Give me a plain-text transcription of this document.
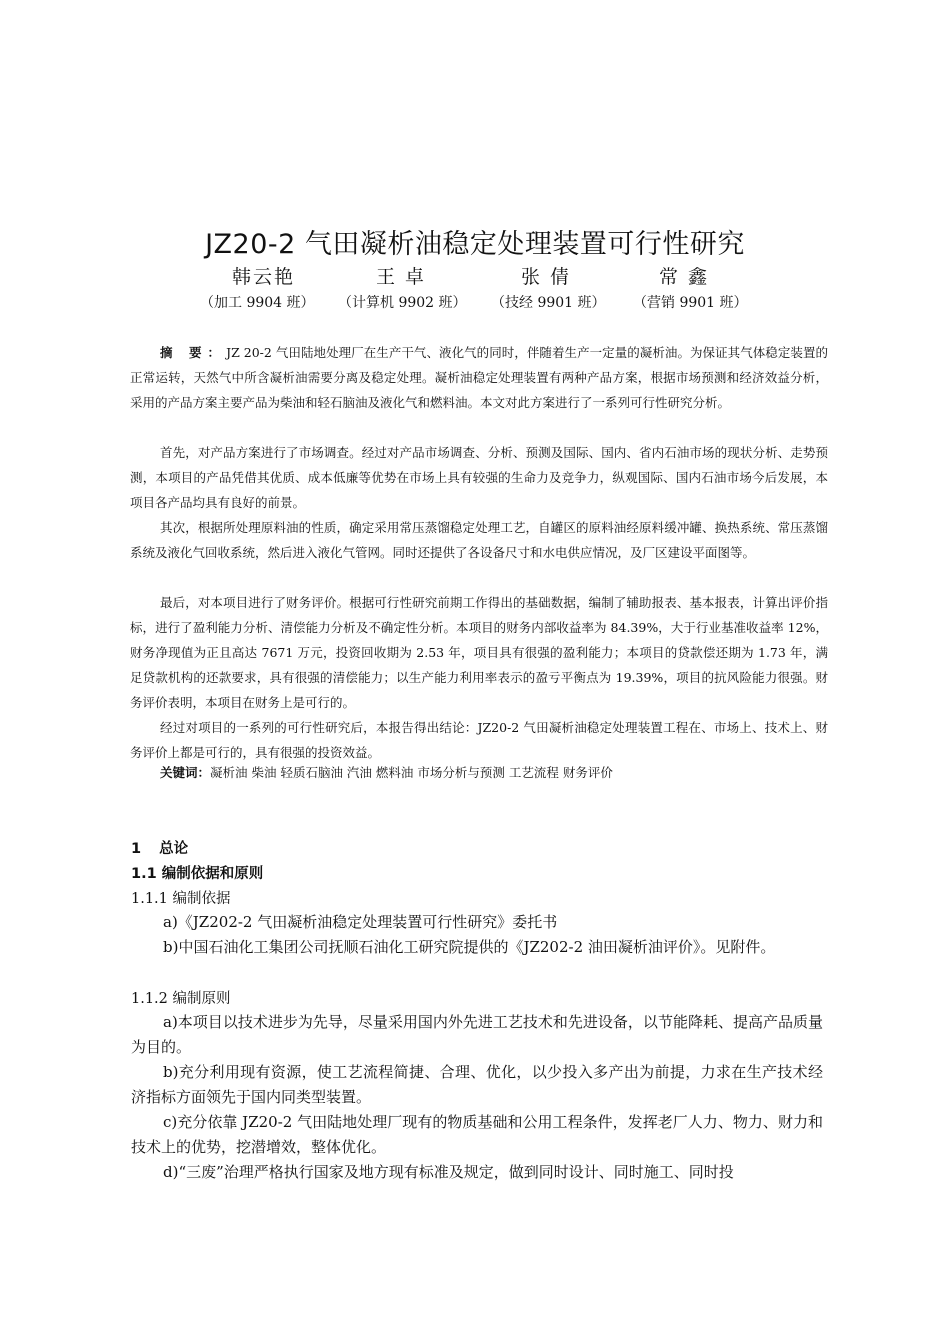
JZ20-2 气田凝析油稳定处理装置可行性研究
韩云艳	王 卓	张 倩	常 鑫
（加工 9904 班） （计算机 9902 班） （技经 9901 班） （营销 9901 班）
摘 要：JZ 20-2 气田陆地处理厂在生产干气、液化气的同时，伴随着生产一定量的凝析油。为保证其气体稳定装置的正常运转，天然气中所含凝析油需要分离及稳定处理。凝析油稳定处理装置有两种产品方案，根据市场预测和经济效益分析，采用的产品方案主要产品为柴油和轻石脑油及液化气和燃料油。本文对此方案进行了一系列可行性研究分析。
首先，对产品方案进行了市场调查。经过对产品市场调查、分析、预测及国际、国内、省内石油市场的现状分析、走势预测，本项目的产品凭借其优质、成本低廉等优势在市场上具有较强的生命力及竞争力，纵观国际、国内石油市场今后发展，本项目各产品均具有良好的前景。
其次，根据所处理原料油的性质，确定采用常压蒸馏稳定处理工艺，自罐区的原料油经原料缓冲罐、换热系统、常压蒸馏系统及液化气回收系统，然后进入液化气管网。同时还提供了各设备尺寸和水电供应情况，及厂区建设平面图等。
最后，对本项目进行了财务评价。根据可行性研究前期工作得出的基础数据，编制了辅助报表、基本报表，计算出评价指标，进行了盈利能力分析、清偿能力分析及不确定性分析。本项目的财务内部收益率为 84.39%，大于行业基准收益率 12%，财务净现值为正且高达 7671 万元，投资回收期为 2.53 年，项目具有很强的盈利能力；本项目的贷款偿还期为 1.73 年，满足贷款机构的还款要求，具有很强的清偿能力；以生产能力利用率表示的盈亏平衡点为 19.39%，项目的抗风险能力很强。财务评价表明，本项目在财务上是可行的。
经过对项目的一系列的可行性研究后，本报告得出结论：JZ20-2 气田凝析油稳定处理装置工程在、市场上、技术上、财务评价上都是可行的，具有很强的投资效益。
关键词：凝析油 柴油 轻质石脑油 汽油 燃料油 市场分析与预测 工艺流程 财务评价
1 总论
1.1 编制依据和原则
1.1.1 编制依据
a)《JZ202-2 气田凝析油稳定处理装置可行性研究》委托书
b)中国石油化工集团公司抚顺石油化工研究院提供的《JZ202-2 油田凝析油评价》。见附件。
1.1.2 编制原则
a)本项目以技术进步为先导，尽量采用国内外先进工艺技术和先进设备，以节能降耗、提高产品质量为目的。
b)充分利用现有资源，使工艺流程简捷、合理、优化，以少投入多产出为前提，力求在生产技术经济指标方面领先于国内同类型装置。
c)充分依靠 JZ20-2 气田陆地处理厂现有的物质基础和公用工程条件，发挥老厂人力、物力、财力和技术上的优势，挖潜增效，整体优化。
d)“三废”治理严格执行国家及地方现有标准及规定，做到同时设计、同时施工、同时投
